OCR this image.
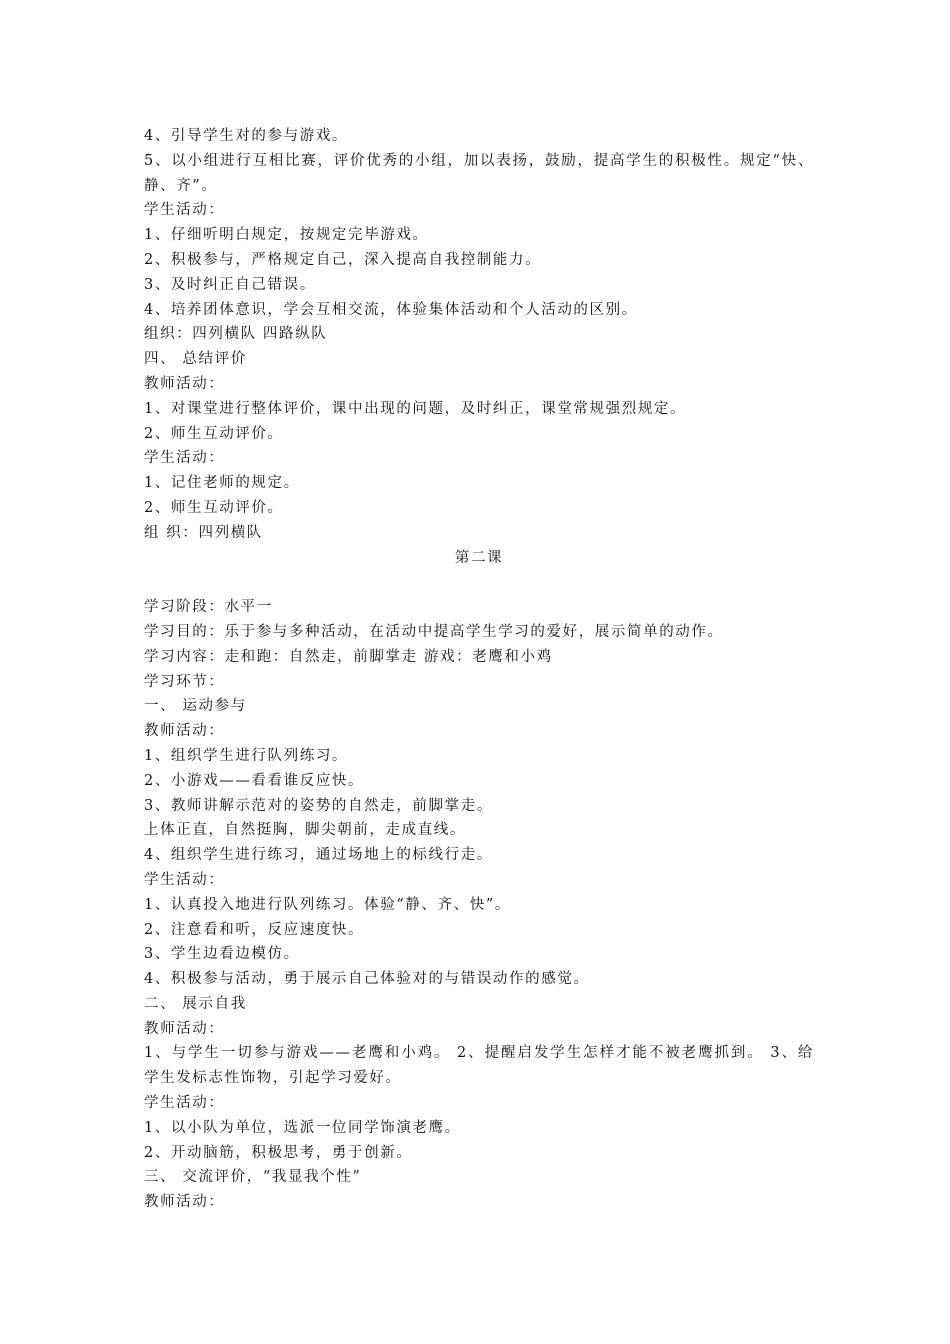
4、引导学生对的参与游戏。
5、以小组进行互相比赛，评价优秀的小组，加以表扬，鼓励，提高学生的积极性。规定“快、静、齐”。
学生活动：
1、仔细听明白规定，按规定完毕游戏。
2、积极参与，严格规定自己，深入提高自我控制能力。
3、及时纠正自己错误。
4、培养团体意识，学会互相交流，体验集体活动和个人活动的区别。
组织：四列横队 四路纵队
四、 总结评价
教师活动：
1、对课堂进行整体评价，课中出现的问题，及时纠正，课堂常规强烈规定。
2、师生互动评价。
学生活动：
1、记住老师的规定。
2、师生互动评价。
组 织：四列横队
第二课
学习阶段：水平一
学习目的：乐于参与多种活动，在活动中提高学生学习的爱好，展示简单的动作。
学习内容：走和跑：自然走，前脚掌走 游戏：老鹰和小鸡
学习环节：
一、 运动参与
教师活动：
1、组织学生进行队列练习。
2、小游戏——看看谁反应快。
3、教师讲解示范对的姿势的自然走，前脚掌走。
上体正直，自然挺胸，脚尖朝前，走成直线。
4、组织学生进行练习，通过场地上的标线行走。
学生活动：
1、认真投入地进行队列练习。体验“静、齐、快”。
2、注意看和听，反应速度快。
3、学生边看边模仿。
4、积极参与活动，勇于展示自己体验对的与错误动作的感觉。
二、 展示自我
教师活动：
1、与学生一切参与游戏——老鹰和小鸡。 2、提醒启发学生怎样才能不被老鹰抓到。 3、给学生发标志性饰物，引起学习爱好。
学生活动：
1、以小队为单位，选派一位同学饰演老鹰。
2、开动脑筋，积极思考，勇于创新。
三、 交流评价，“我显我个性”
教师活动：
